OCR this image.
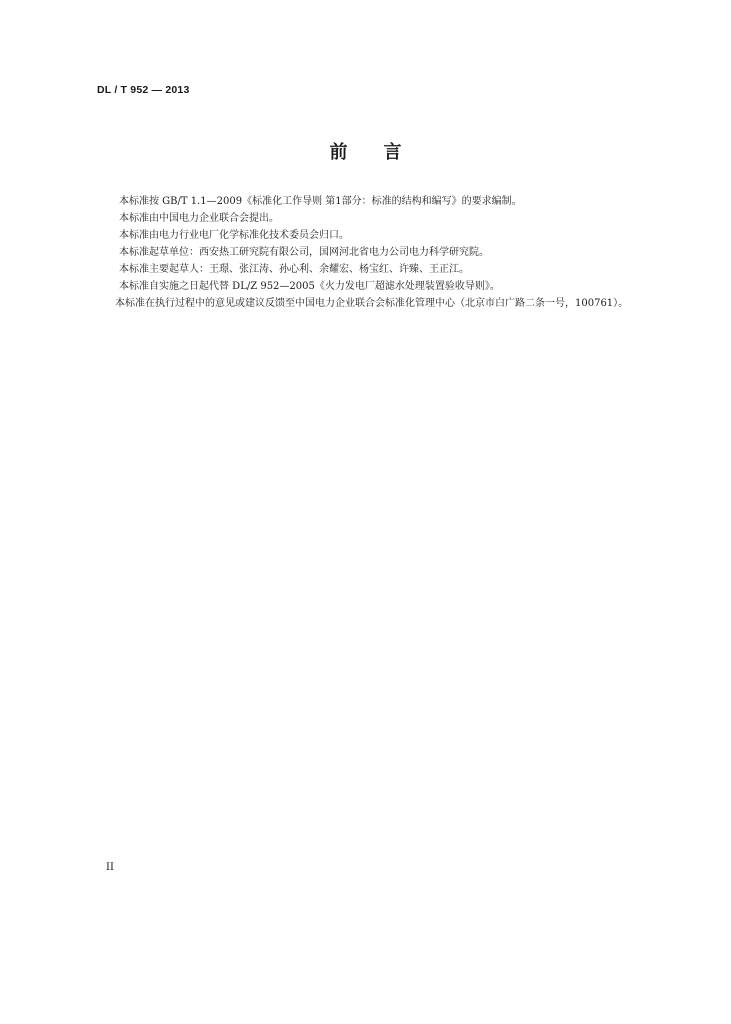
DL / T 952 — 2013
前言

本标准按 GB/T 1.1—2009《标准化工作导则 第1部分：标准的结构和编写》的要求编制。

本标准由中国电力企业联合会提出。

本标准由电力行业电厂化学标准化技术委员会归口。

本标准起草单位：西安热工研究院有限公司，国网河北省电力公司电力科学研究院。

本标准主要起草人：王璟、张江涛、孙心利、余耀宏、杨宝红、许臻、王正江。

本标准自实施之日起代替 DL/Z 952—2005《火力发电厂超滤水处理装置验收导则》。

本标准在执行过程中的意见或建议反馈至中国电力企业联合会标准化管理中心（北京市白广路二条一号，100761）。

II
